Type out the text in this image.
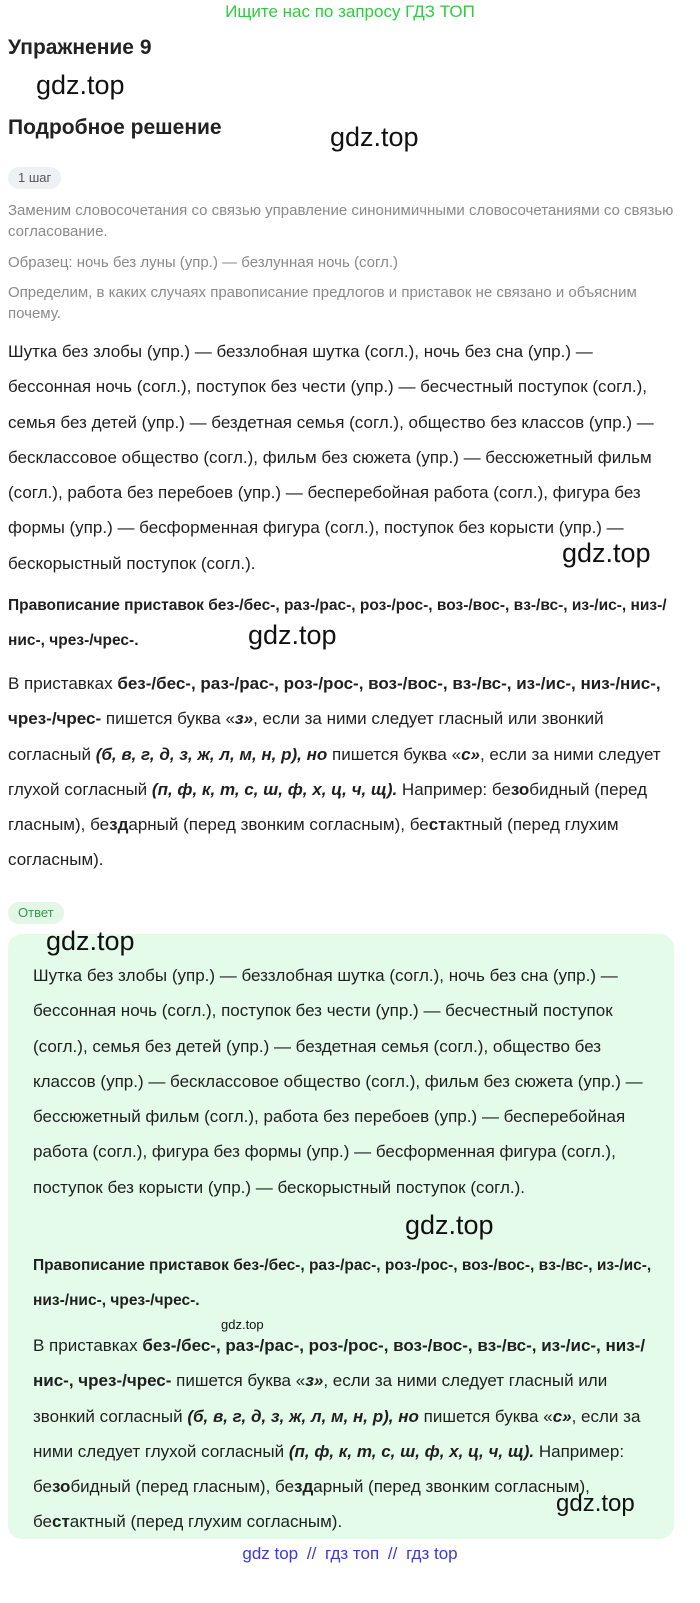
Ищите нас по запросу ГДЗ ТОП
Упражнение 9
gdz.top
Подробное решение	gdz.top
1 шаг
Заменим словосочетания со связью управление синонимичными словосочетаниями со связью согласование.
Образец: ночь без луны (упр.) — безлунная ночь (согл.)
Определим, в каких случаях правописание предлогов и приставок не связано и объясним почему.
Шутка без злобы (упр.) — беззлобная шутка (согл.), ночь без сна (упр.) — бессонная ночь (согл.), поступок без чести (упр.) — бесчестный поступок (согл.), семья без детей (упр.) — бездетная семья (согл.), общество без классов (упр.) — бесклассовое общество (согл.), фильм без сюжета (упр.) — бессюжетный фильм (согл.), работа без перебоев (упр.) — бесперебойная работа (согл.), фигура без формы (упр.) — бесформенная фигура (согл.), поступок без корысти (упр.) — бескорыстный поступок (согл.).	gdz.top
Правописание приставок без-/бес-, раз-/рас-, роз-/рос-, воз-/вос-, вз-/вс-, из-/ис-, низ-/нис-, чрез-/чрес-.	gdz.top
В приставках без-/бес-, раз-/рас-, роз-/рос-, воз-/вос-, вз-/вс-, из-/ис-, низ-/нис-, чрез-/чрес- пишется буква «з», если за ними следует гласный или звонкий согласный (б, в, г, д, з, ж, л, м, н, р), но пишется буква «с», если за ними следует глухой согласный (п, ф, к, т, с, ш, ф, х, ц, ч, щ). Например: безобидный (перед гласным), бездарный (перед звонким согласным), бестактный (перед глухим согласным).
Ответ
gdz.top
Шутка без злобы (упр.) — беззлобная шутка (согл.), ночь без сна (упр.) — бессонная ночь (согл.), поступок без чести (упр.) — бесчестный поступок (согл.), семья без детей (упр.) — бездетная семья (согл.), общество без классов (упр.) — бесклассовое общество (согл.), фильм без сюжета (упр.) — бессюжетный фильм (согл.), работа без перебоев (упр.) — бесперебойная работа (согл.), фигура без формы (упр.) — бесформенная фигура (согл.), поступок без корысти (упр.) — бескорыстный поступок (согл.).
gdz.top
Правописание приставок без-/бес-, раз-/рас-, роз-/рос-, воз-/вос-, вз-/вс-, из-/ис-, низ-/нис-, чрез-/чрес-.
gdz.top
В приставках без-/бес-, раз-/рас-, роз-/рос-, воз-/вос-, вз-/вс-, из-/ис-, низ-/нис-, чрез-/чрес- пишется буква «з», если за ними следует гласный или звонкий согласный (б, в, г, д, з, ж, л, м, н, р), но пишется буква «с», если за ними следует глухой согласный (п, ф, к, т, с, ш, ф, х, ц, ч, щ). Например: безобидный (перед гласным), бездарный (перед звонким согласным), бестактный (перед глухим согласным).
gdz.top
gdz top // гдз топ // гдз top
